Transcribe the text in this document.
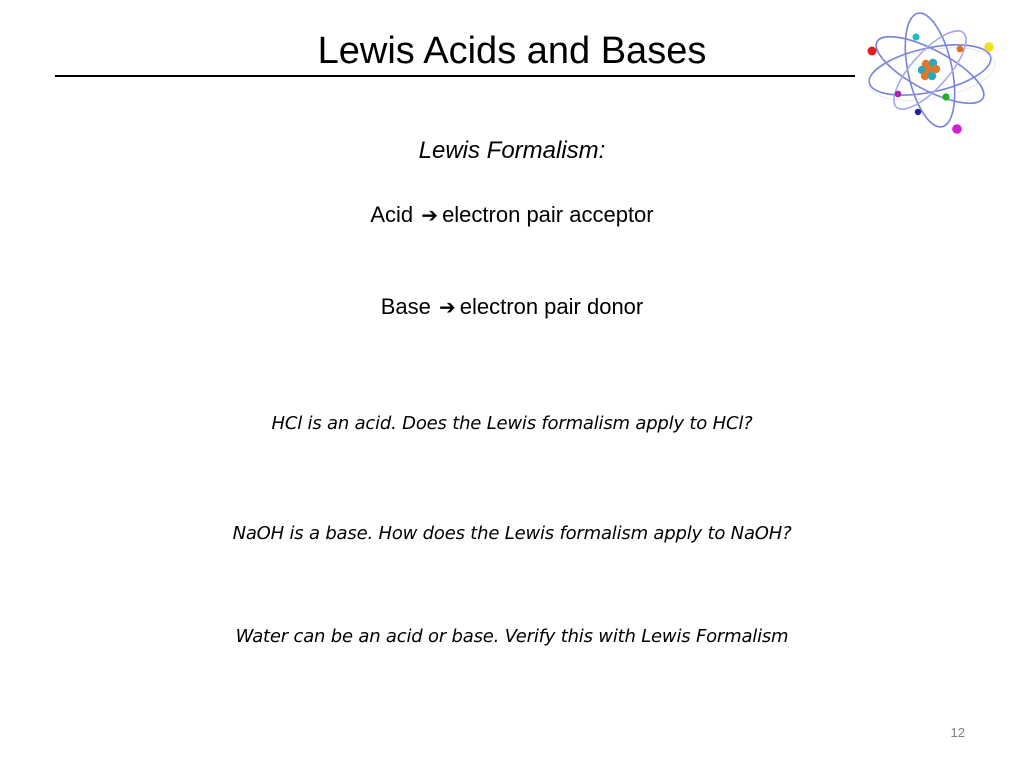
Lewis Acids and Bases
Lewis Formalism:
Acid ➔ electron pair acceptor
Base ➔ electron pair donor
HCl is an acid. Does the Lewis formalism apply to HCl?
NaOH is a base. How does the Lewis formalism apply to NaOH?
Water can be an acid or base. Verify this with Lewis Formalism
12
